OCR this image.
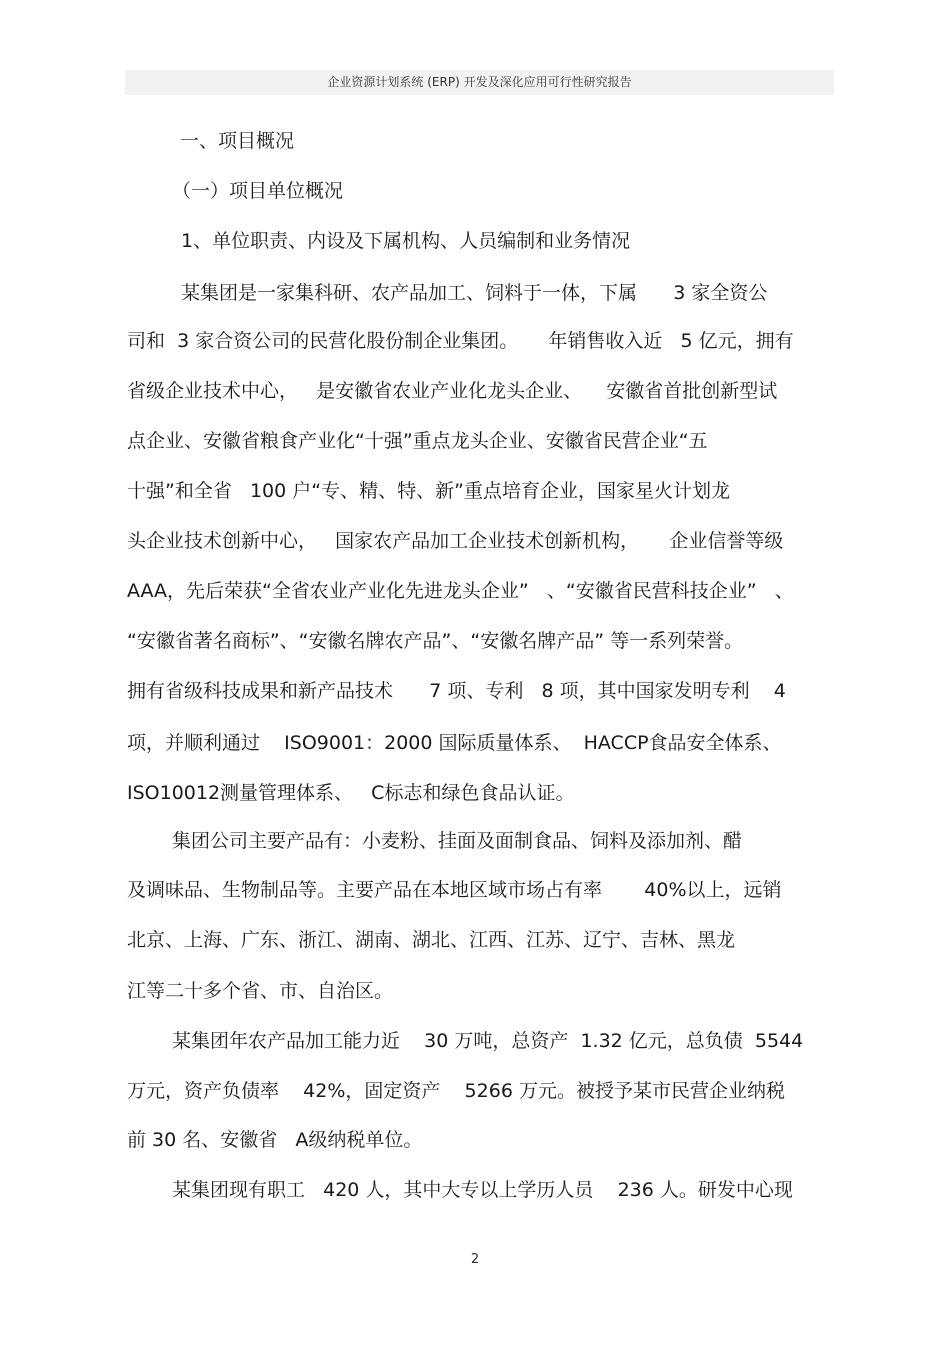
企业资源计划系统 (ERP) 开发及深化应用可行性研究报告
一、项目概况
（一）项目单位概况
1、单位职责、内设及下属机构、人员编制和业务情况
某集团是一家集科研、农产品加工、饲料于一体，下属      3 家全资公
司和  3 家合资公司的民营化股份制企业集团。     年销售收入近   5 亿元，拥有
省级企业技术中心，   是安徽省农业产业化龙头企业、    安徽省首批创新型试
点企业、安徽省粮食产业化“十强”重点龙头企业、安徽省民营企业“五
十强”和全省   100 户“专、精、特、新”重点培育企业，国家星火计划龙
头企业技术创新中心，   国家农产品加工企业技术创新机构，     企业信誉等级
AAA，先后荣获“全省农业产业化先进龙头企业”   、“安徽省民营科技企业”   、
“安徽省著名商标”、“安徽名牌农产品”、“安徽名牌产品” 等一系列荣誉。
拥有省级科技成果和新产品技术      7 项、专利   8 项，其中国家发明专利    4
项，并顺利通过    ISO9001：2000 国际质量体系、  HACCP食品安全体系、
ISO10012测量管理体系、   C标志和绿色食品认证。
集团公司主要产品有：小麦粉、挂面及面制食品、饲料及添加剂、醋
及调味品、生物制品等。主要产品在本地区域市场占有率       40%以上，远销
北京、上海、广东、浙江、湖南、湖北、江西、江苏、辽宁、吉林、黑龙
江等二十多个省、市、自治区。
某集团年农产品加工能力近    30 万吨，总资产  1.32 亿元，总负债  5544
万元，资产负债率    42%，固定资产    5266 万元。被授予某市民营企业纳税
前 30 名、安徽省   A级纳税单位。
某集团现有职工   420 人，其中大专以上学历人员    236 人。研发中心现
2
